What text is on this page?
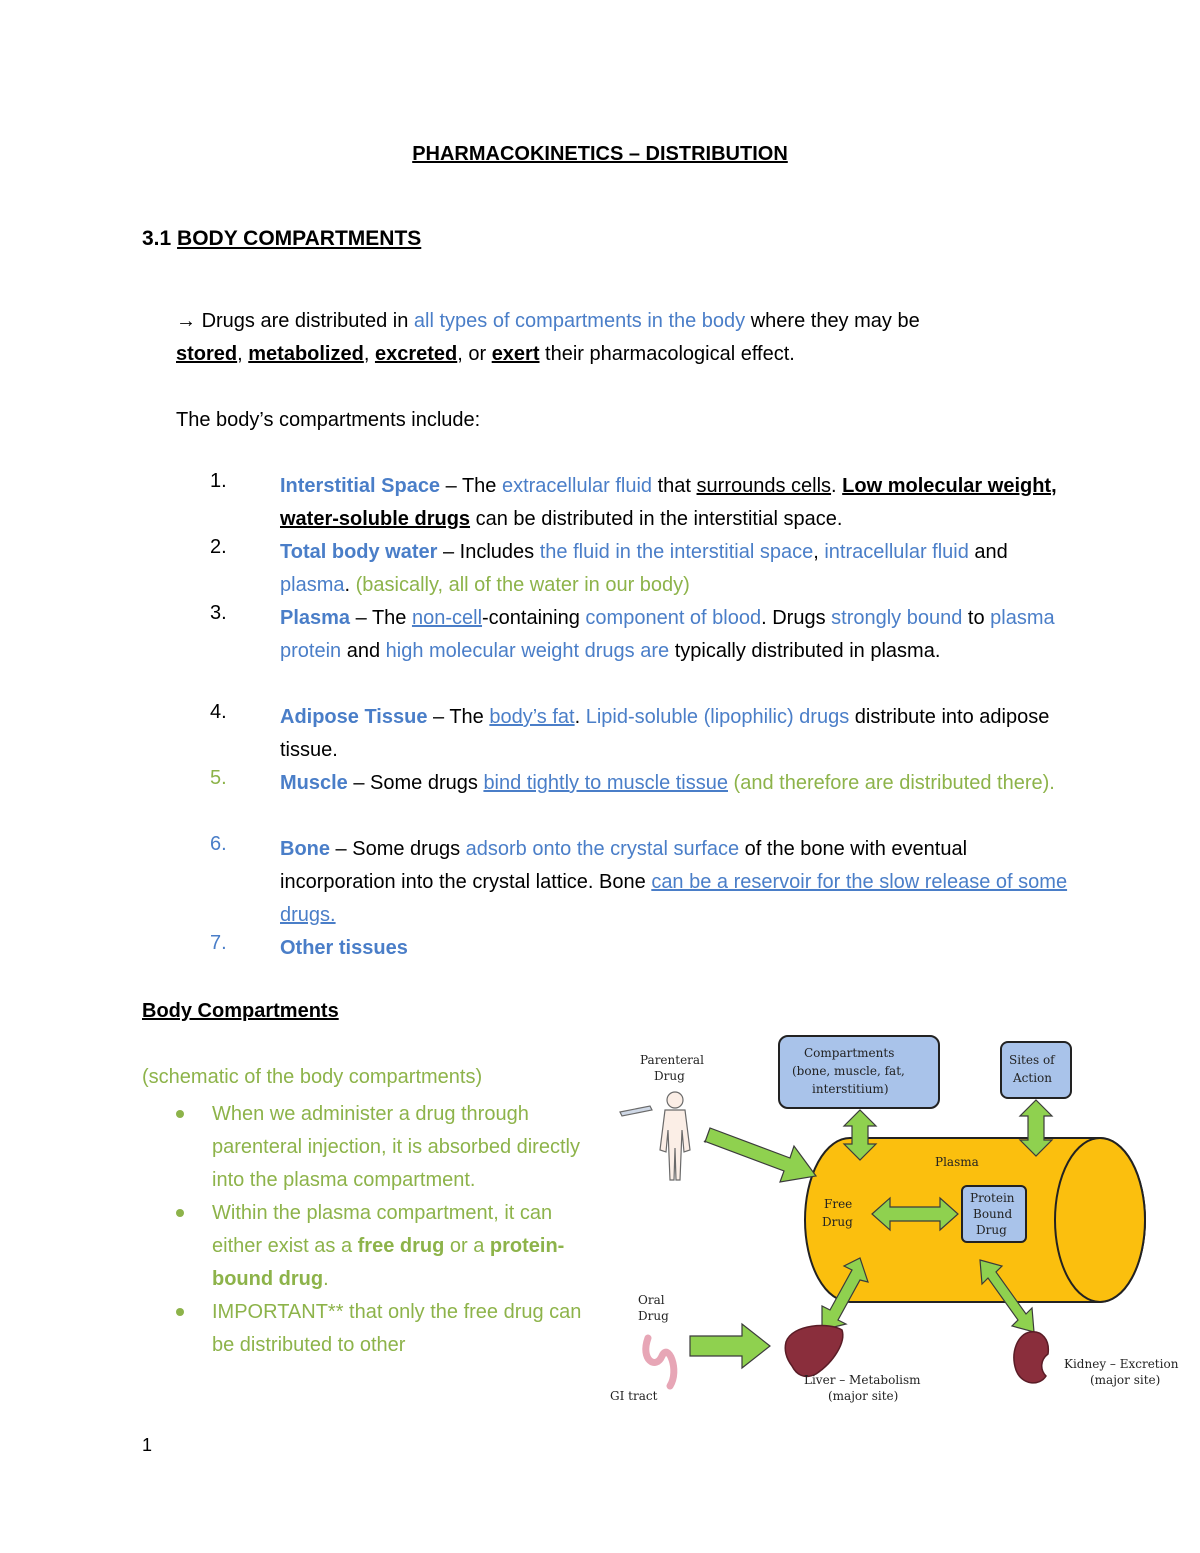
PHARMACOKINETICS – DISTRIBUTION
3.1 BODY COMPARTMENTS
→ Drugs are distributed in all types of compartments in the body where they may be
stored, metabolized, excreted, or exert their pharmacological effect.
The body’s compartments include:
1.	Interstitial Space – The extracellular fluid that surrounds cells. Low molecular weight, water-soluble drugs can be distributed in the interstitial space.
2.	Total body water – Includes the fluid in the interstitial space, intracellular fluid and plasma. (basically, all of the water in our body)
3.	Plasma – The non-cell-containing component of blood. Drugs strongly bound to plasma protein and high molecular weight drugs are typically distributed in plasma.
4.	Adipose Tissue – The body’s fat. Lipid-soluble (lipophilic) drugs distribute into adipose tissue.
5.	Muscle – Some drugs bind tightly to muscle tissue (and therefore are distributed there).
6.	Bone – Some drugs adsorb onto the crystal surface of the bone with eventual incorporation into the crystal lattice. Bone can be a reservoir for the slow release of some drugs.
7.	Other tissues
Body Compartments
(schematic of the body compartments)
When we administer a drug through parenteral injection, it is absorbed directly into the plasma compartment.
Within the plasma compartment, it can either exist as a free drug or a protein-bound drug.
IMPORTANT** that only the free drug can be distributed to other
Plasma
Free
Drug
Protein
Bound
Drug
Compartments
(bone, muscle, fat,
interstitium)
Sites of
Action
Parenteral
Drug
Oral
Drug
GI tract
Liver – Metabolism
(major site)
Kidney – Excretion
(major site)
1
